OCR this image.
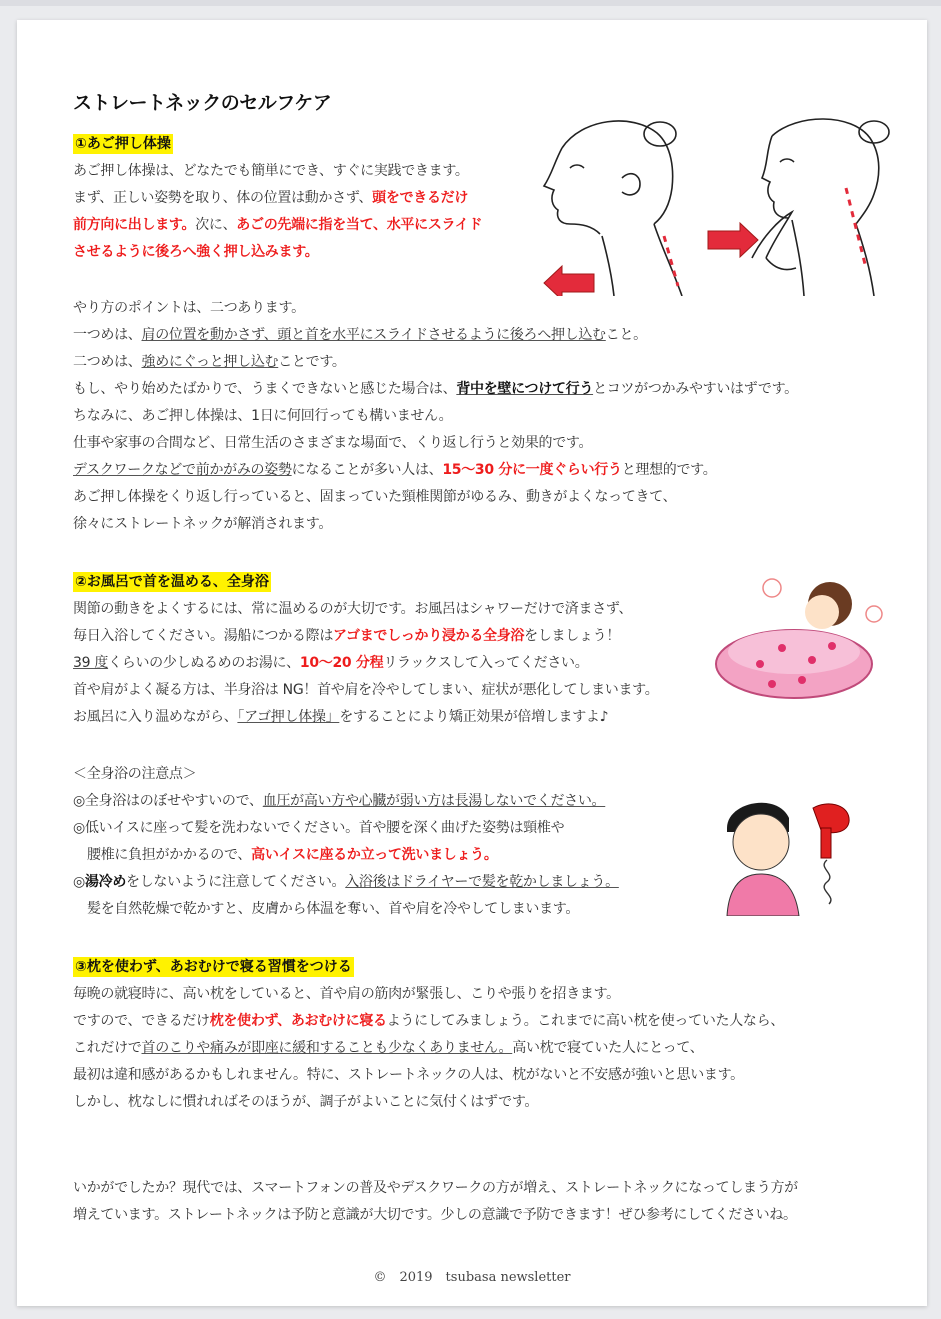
ストレートネックのセルフケア
①あご押し体操
あご押し体操は、どなたでも簡単にでき、すぐに実践できます。
まず、正しい姿勢を取り、体の位置は動かさず、頭をできるだけ
前方向に出します。次に、あごの先端に指を当て、水平にスライド
させるように後ろへ強く押し込みます。
やり方のポイントは、二つあります。
一つめは、肩の位置を動かさず、頭と首を水平にスライドさせるように後ろへ押し込むこと。
二つめは、強めにぐっと押し込むことです。
もし、やり始めたばかりで、うまくできないと感じた場合は、背中を壁につけて行うとコツがつかみやすいはずです。
ちなみに、あご押し体操は、1日に何回行っても構いません。
仕事や家事の合間など、日常生活のさまざまな場面で、くり返し行うと効果的です。
デスクワークなどで前かがみの姿勢になることが多い人は、15～30 分に一度ぐらい行うと理想的です。
あご押し体操をくり返し行っていると、固まっていた頸椎関節がゆるみ、動きがよくなってきて、
徐々にストレートネックが解消されます。
②お風呂で首を温める、全身浴
関節の動きをよくするには、常に温めるのが大切です。お風呂はシャワーだけで済まさず、
毎日入浴してください。湯船につかる際はアゴまでしっかり浸かる全身浴をしましょう！
39 度くらいの少しぬるめのお湯に、10～20 分程リラックスして入ってください。
首や肩がよく凝る方は、半身浴は NG！首や肩を冷やしてしまい、症状が悪化してしまいます。
お風呂に入り温めながら、「アゴ押し体操」をすることにより矯正効果が倍増しますよ♪
＜全身浴の注意点＞
◎全身浴はのぼせやすいので、血圧が高い方や心臓が弱い方は長湯しないでください。
◎低いイスに座って髪を洗わないでください。首や腰を深く曲げた姿勢は頸椎や
腰椎に負担がかかるので、高いイスに座るか立って洗いましょう。
◎湯冷めをしないように注意してください。入浴後はドライヤーで髪を乾かしましょう。
髪を自然乾燥で乾かすと、皮膚から体温を奪い、首や肩を冷やしてしまいます。
③枕を使わず、あおむけで寝る習慣をつける
毎晩の就寝時に、高い枕をしていると、首や肩の筋肉が緊張し、こりや張りを招きます。
ですので、できるだけ枕を使わず、あおむけに寝るようにしてみましょう。これまでに高い枕を使っていた人なら、
これだけで首のこりや痛みが即座に緩和することも少なくありません。高い枕で寝ていた人にとって、
最初は違和感があるかもしれません。特に、ストレートネックの人は、枕がないと不安感が強いと思います。
しかし、枕なしに慣れればそのほうが、調子がよいことに気付くはずです。
いかがでしたか？現代では、スマートフォンの普及やデスクワークの方が増え、ストレートネックになってしまう方が
増えています。ストレートネックは予防と意識が大切です。少しの意識で予防できます！ぜひ参考にしてくださいね。
©　2019　tsubasa newsletter
